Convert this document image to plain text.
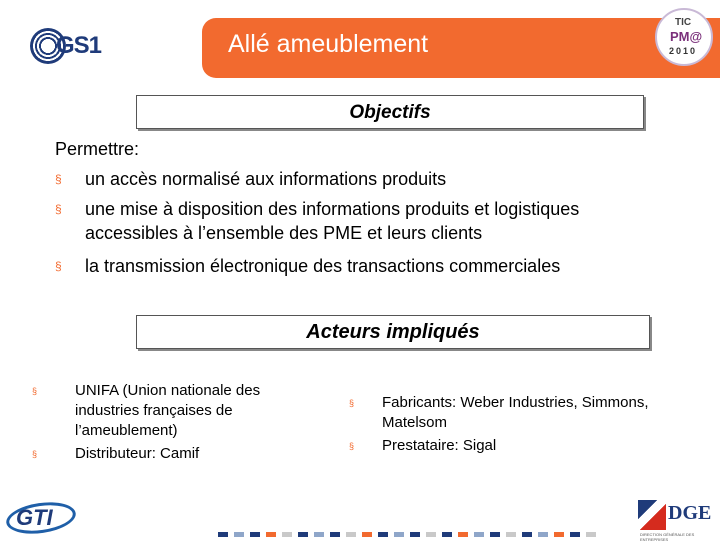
GS1	Allé ameublement
TIC
PM@
2010
Objectifs
Permettre:
§ un accès normalisé aux informations produits
§ une mise à disposition des informations produits et logistiques
accessibles à l’ensemble des PME et leurs clients
§ la transmission électronique des transactions commerciales
Acteurs impliqués
§	UNIFA (Union nationale des industries françaises de l’ameublement)
§	Distributeur: Camif
§ Fabricants: Weber Industries, Simmons, Matelsom
§ Prestataire: Sigal
GTI	DGE
DIRECTION GÉNÉRALE DES ENTREPRISES
